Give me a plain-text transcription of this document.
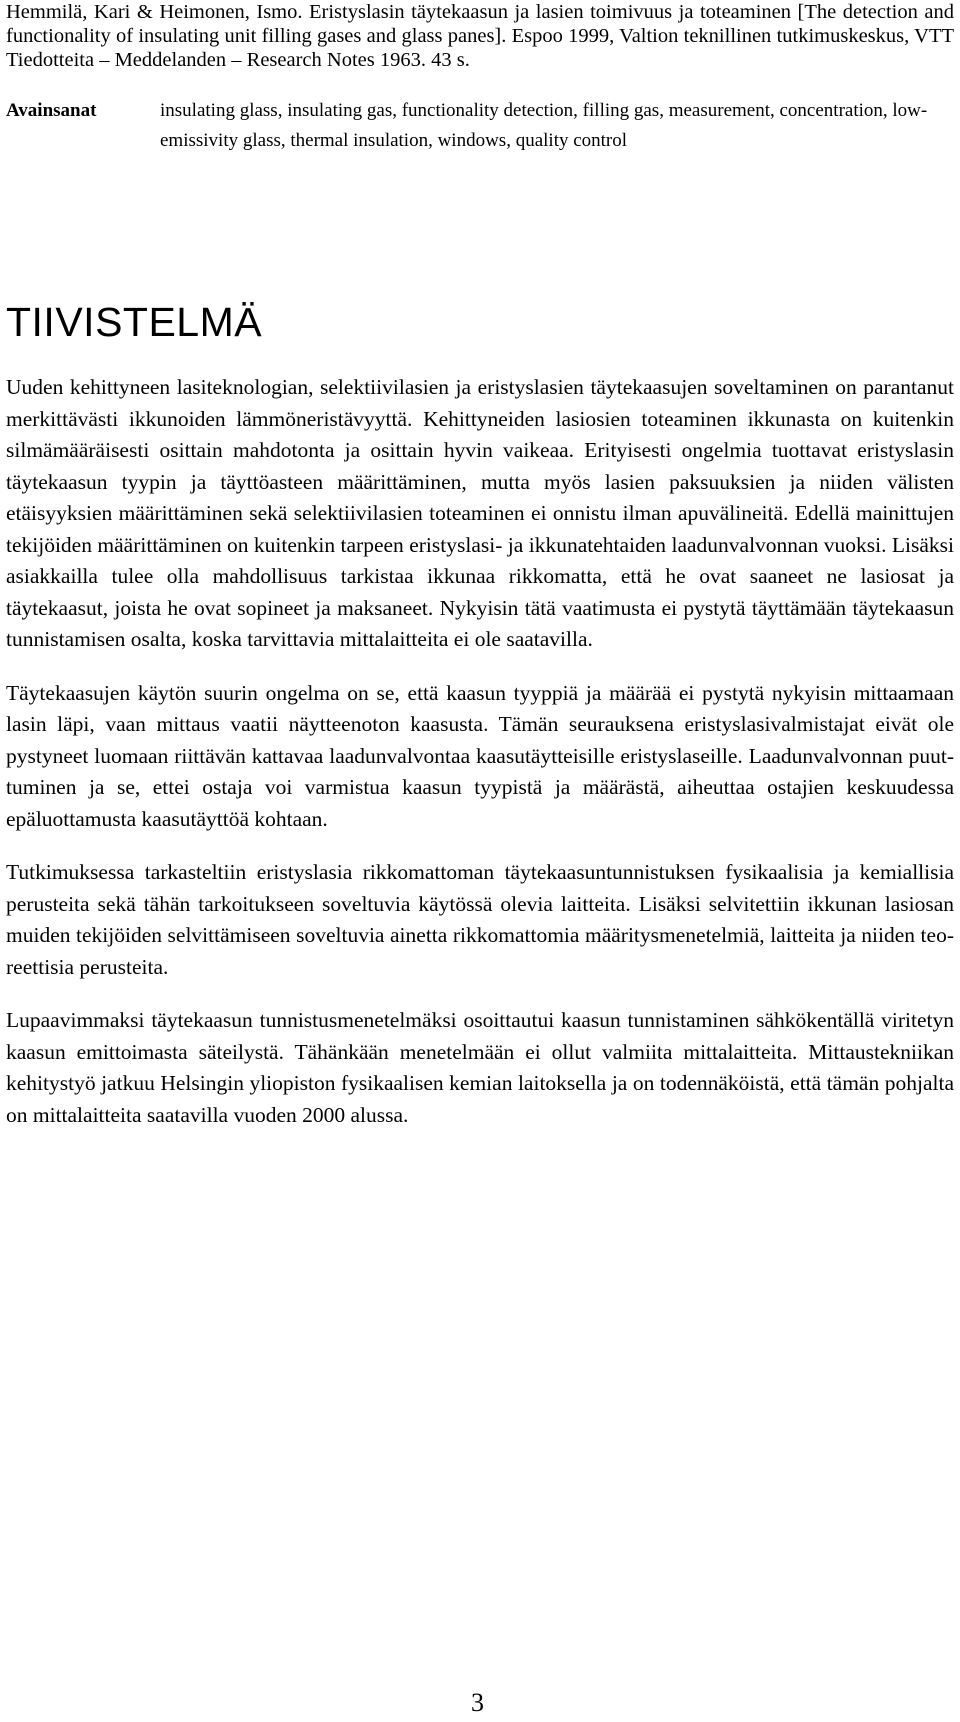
Hemmilä, Kari & Heimonen, Ismo. Eristyslasin täytekaasun ja lasien toimivuus ja toteaminen [The detection and functionality of insulating unit filling gases and glass panes]. Espoo 1999, Valtion teknillinen tutkimuskeskus, VTT Tiedotteita – Meddelanden – Research Notes 1963. 43 s.
Avainsanat	insulating glass, insulating gas, functionality detection, filling gas, measurement, concentration, low-emissivity glass, thermal insulation, windows, quality control
TIIVISTELMÄ

Uuden kehittyneen lasiteknologian, selektiivilasien ja eristyslasien täytekaasujen soveltaminen on parantanut merkittävästi ikkunoiden lämmöneristävyyttä. Kehittyneiden lasiosien toteaminen ikkunasta on kuitenkin silmämääräisesti osittain mahdotonta ja osittain hyvin vaikeaa. Erityisesti ongelmia tuottavat eristyslasin täytekaasun tyypin ja täyttöasteen määrittäminen, mutta myös lasien paksuuksien ja niiden välisten etäisyyksien määrittäminen sekä selektiivilasien toteaminen ei onnistu ilman apuvälineitä. Edellä mainittujen tekijöiden määrittäminen on kuitenkin tarpeen eristyslasi- ja ikkunatehtaiden laadunvalvonnan vuoksi. Lisäksi asiakkailla tulee olla mahdollisuus tarkistaa ikkunaa rikkomatta, että he ovat saaneet ne lasiosat ja täytekaasut, joista he ovat sopineet ja maksaneet. Nykyisin tätä vaatimusta ei pystytä täyttämään täytekaasun tunnistamisen osalta, koska tarvittavia mittalaitteita ei ole saatavilla.

Täytekaasujen käytön suurin ongelma on se, että kaasun tyyppiä ja määrää ei pystytä nykyisin mittaamaan lasin läpi, vaan mittaus vaatii näytteenoton kaasusta. Tämän seurauksena eristyslasivalmistajat eivät ole pystyneet luomaan riittävän kattavaa laadunvalvontaa kaasutäytteisille eristyslaseille. Laadunvalvonnan puuttuminen ja se, ettei ostaja voi varmistua kaasun tyypistä ja määrästä, aiheuttaa ostajien keskuudessa epäluottamusta kaasutäyttöä kohtaan.

Tutkimuksessa tarkasteltiin eristyslasia rikkomattoman täytekaasuntunnistuksen fysikaalisia ja kemiallisia perusteita sekä tähän tarkoitukseen soveltuvia käytössä olevia laitteita. Lisäksi selvitettiin ikkunan lasiosan muiden tekijöiden selvittämiseen soveltuvia ainetta rikkomattomia määritysmenetelmiä, laitteita ja niiden teoreettisia perusteita.

Lupaavimmaksi täytekaasun tunnistusmenetelmäksi osoittautui kaasun tunnistaminen sähkökentällä viritetyn kaasun emittoimasta säteilystä. Tähänkään menetelmään ei ollut valmiita mittalaitteita. Mittaustekniikan kehitystyö jatkuu Helsingin yliopiston fysikaalisen kemian laitoksella ja on todennäköistä, että tämän pohjalta on mittalaitteita saatavilla vuoden 2000 alussa.

3
